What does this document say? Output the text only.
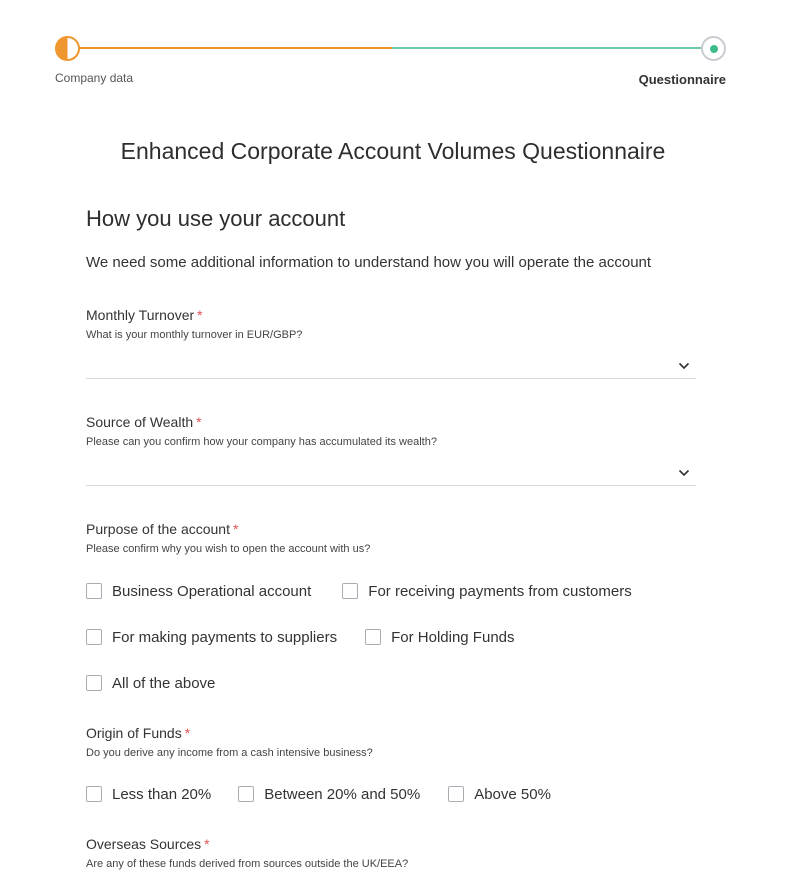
Company data	Questionnaire
Enhanced Corporate Account Volumes Questionnaire
How you use your account

We need some additional information to understand how you will operate the account

Monthly Turnover *
What is your monthly turnover in EUR/GBP?
Source of Wealth *
Please can you confirm how your company has accumulated its wealth?
Purpose of the account *
Please confirm why you wish to open the account with us?
Business Operational account	For receiving payments from customers
For making payments to suppliers	For Holding Funds
All of the above
Origin of Funds *
Do you derive any income from a cash intensive business?
Less than 20%	Between 20% and 50%	Above 50%
Overseas Sources *
Are any of these funds derived from sources outside the UK/EEA?
